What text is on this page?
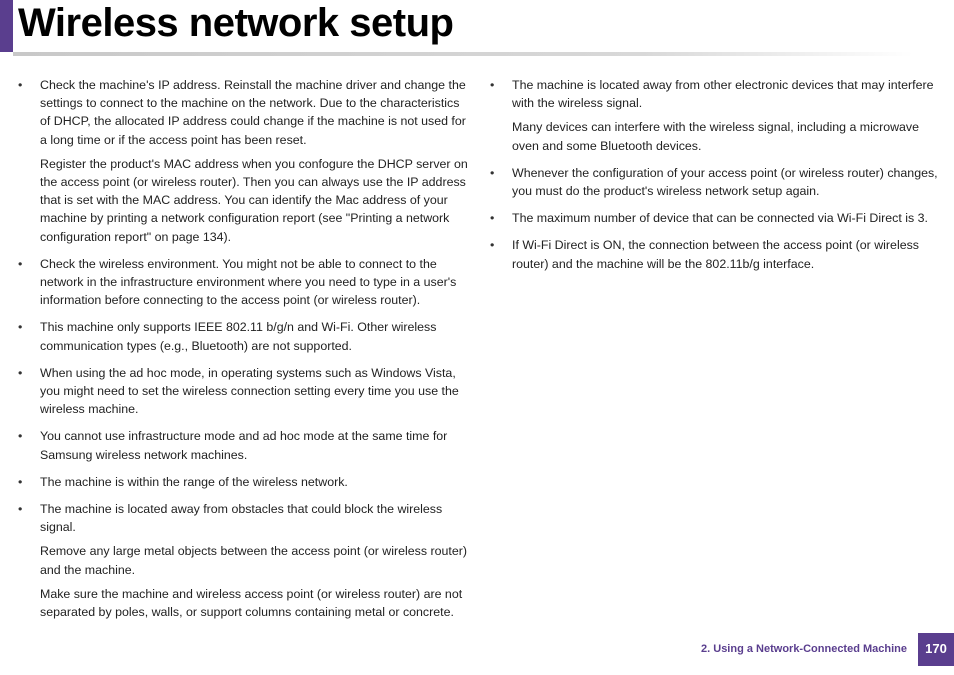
Wireless network setup
•	Check the machine's IP address. Reinstall the machine driver and change the settings to connect to the machine on the network. Due to the characteristics of DHCP, the allocated IP address could change if the machine is not used for a long time or if the access point has been reset.

Register the product's MAC address when you confogure the DHCP server on the access point (or wireless router). Then you can always use the IP address that is set with the MAC address. You can identify the Mac address of your machine by printing a network configuration report (see "Printing a network configuration report" on page 134).

•	Check the wireless environment. You might not be able to connect to the network in the infrastructure environment where you need to type in a user's information before connecting to the access point (or wireless router).

•	This machine only supports IEEE 802.11 b/g/n and Wi-Fi. Other wireless communication types (e.g., Bluetooth) are not supported.

•	When using the ad hoc mode, in operating systems such as Windows Vista, you might need to set the wireless connection setting every time you use the wireless machine.

•	You cannot use infrastructure mode and ad hoc mode at the same time for Samsung wireless network machines.

•	The machine is within the range of the wireless network.

•	The machine is located away from obstacles that could block the wireless signal.

Remove any large metal objects between the access point (or wireless router) and the machine.

Make sure the machine and wireless access point (or wireless router) are not separated by poles, walls, or support columns containing metal or concrete.

•	The machine is located away from other electronic devices that may interfere with the wireless signal.

Many devices can interfere with the wireless signal, including a microwave oven and some Bluetooth devices.

•	Whenever the configuration of your access point (or wireless router) changes, you must do the product's wireless network setup again.

•	The maximum number of device that can be connected via Wi-Fi Direct is 3.

•	If Wi-Fi Direct is ON, the connection between the access point (or wireless router) and the machine will be the 802.11b/g interface.

2. Using a Network-Connected Machine	170
